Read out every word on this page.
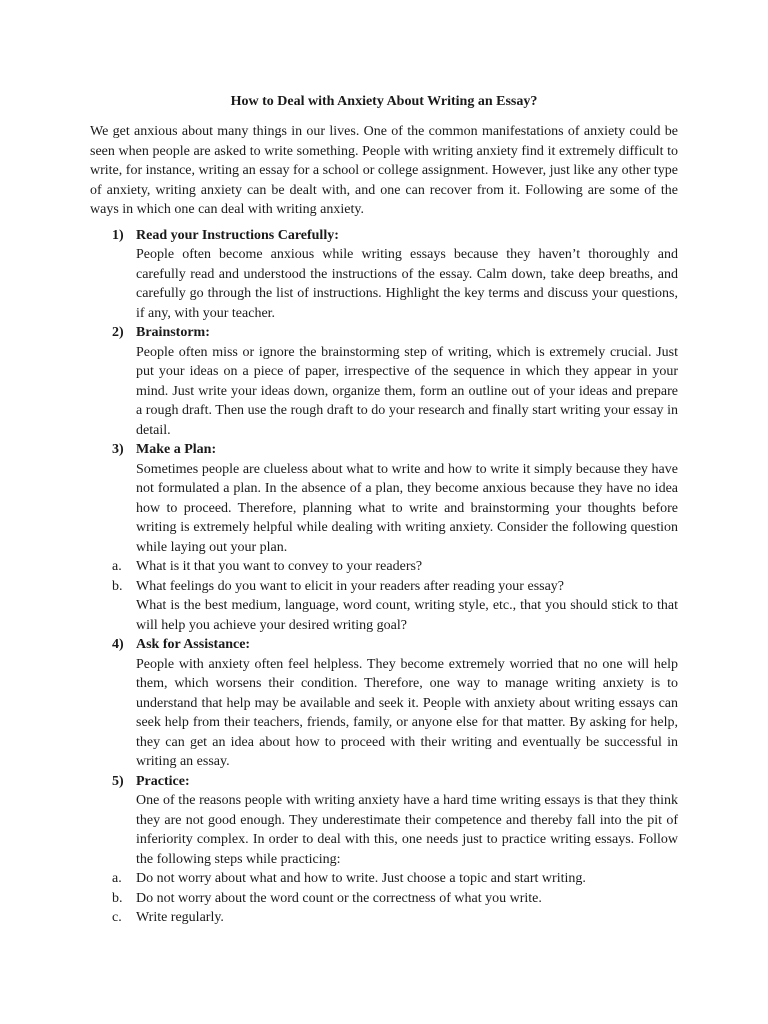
How to Deal with Anxiety About Writing an Essay?

We get anxious about many things in our lives. One of the common manifestations of anxiety could be seen when people are asked to write something. People with writing anxiety find it extremely difficult to write, for instance, writing an essay for a school or college assignment. However, just like any other type of anxiety, writing anxiety can be dealt with, and one can recover from it. Following are some of the ways in which one can deal with writing anxiety.

1) Read your Instructions Carefully:

People often become anxious while writing essays because they haven’t thoroughly and carefully read and understood the instructions of the essay. Calm down, take deep breaths, and carefully go through the list of instructions. Highlight the key terms and discuss your questions, if any, with your teacher.

2) Brainstorm:

People often miss or ignore the brainstorming step of writing, which is extremely crucial. Just put your ideas on a piece of paper, irrespective of the sequence in which they appear in your mind. Just write your ideas down, organize them, form an outline out of your ideas and prepare a rough draft. Then use the rough draft to do your research and finally start writing your essay in detail.

3) Make a Plan:

Sometimes people are clueless about what to write and how to write it simply because they have not formulated a plan. In the absence of a plan, they become anxious because they have no idea how to proceed. Therefore, planning what to write and brainstorming your thoughts before writing is extremely helpful while dealing with writing anxiety. Consider the following question while laying out your plan.

a. What is it that you want to convey to your readers?
b. What feelings do you want to elicit in your readers after reading your essay?

What is the best medium, language, word count, writing style, etc., that you should stick to that will help you achieve your desired writing goal?

4) Ask for Assistance:

People with anxiety often feel helpless. They become extremely worried that no one will help them, which worsens their condition. Therefore, one way to manage writing anxiety is to understand that help may be available and seek it. People with anxiety about writing essays can seek help from their teachers, friends, family, or anyone else for that matter. By asking for help, they can get an idea about how to proceed with their writing and eventually be successful in writing an essay.

5) Practice:

One of the reasons people with writing anxiety have a hard time writing essays is that they think they are not good enough. They underestimate their competence and thereby fall into the pit of inferiority complex. In order to deal with this, one needs just to practice writing essays. Follow the following steps while practicing:

a. Do not worry about what and how to write. Just choose a topic and start writing.
b. Do not worry about the word count or the correctness of what you write.
c. Write regularly.
